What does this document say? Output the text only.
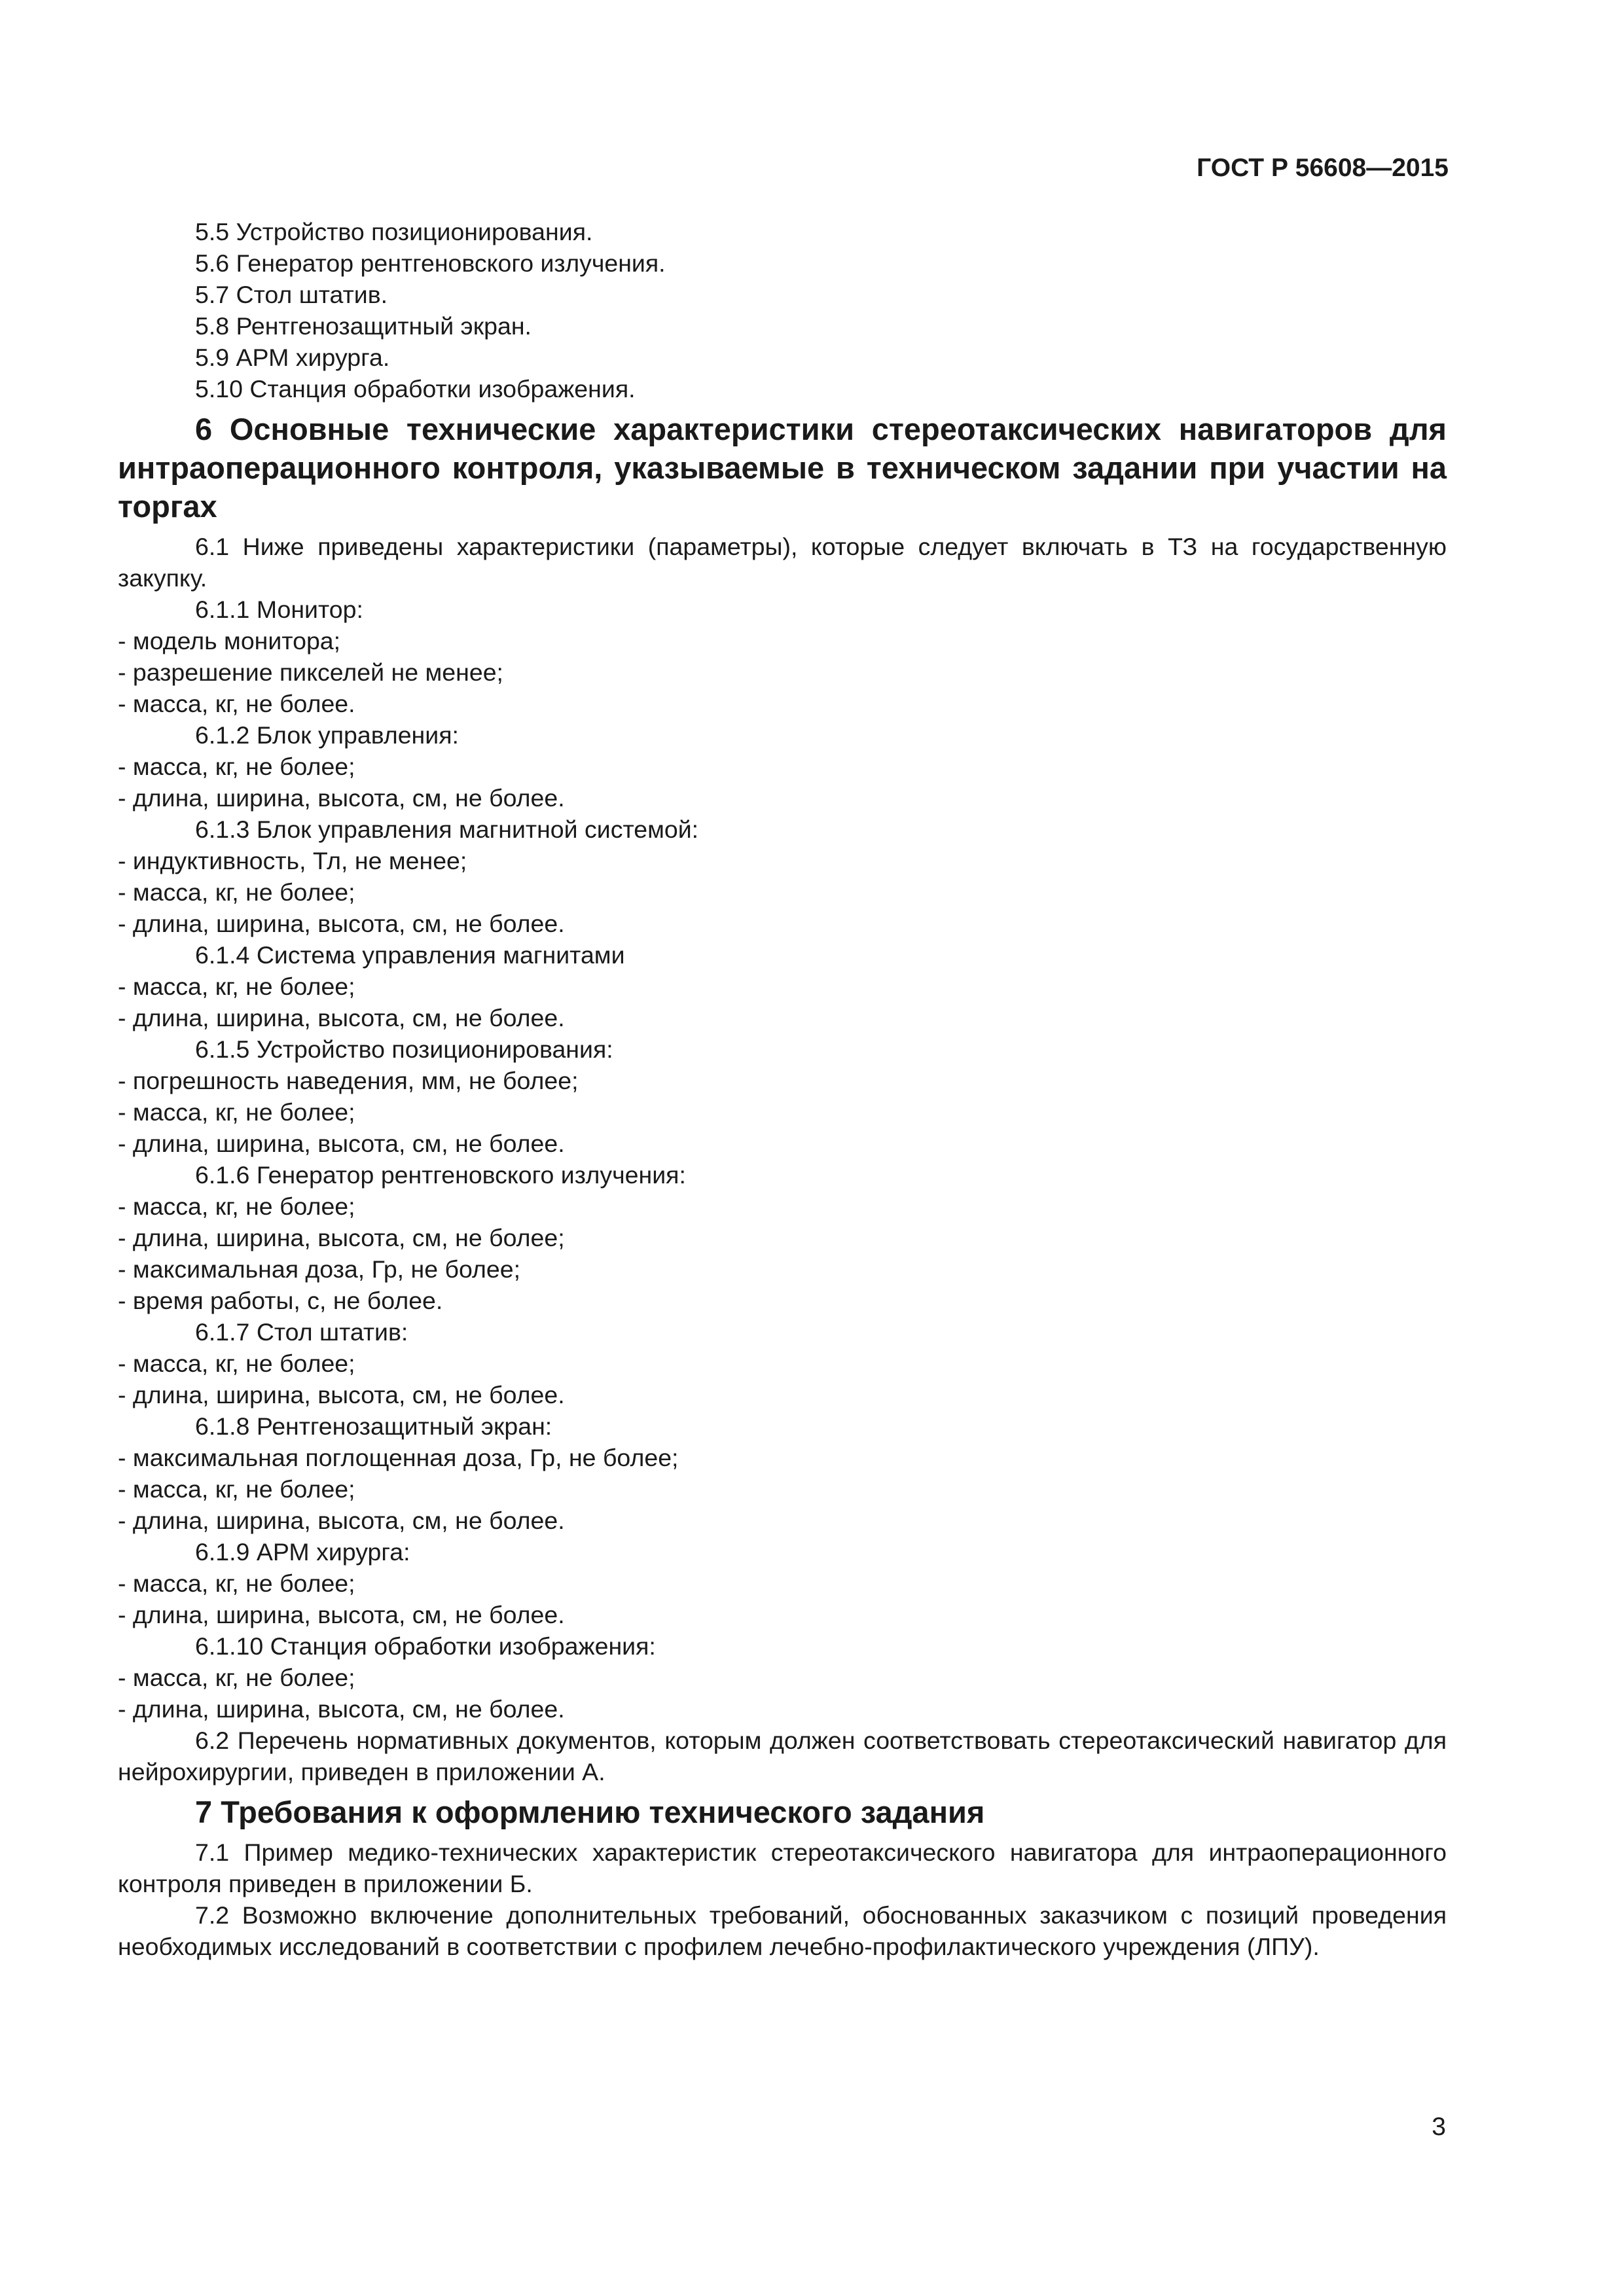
ГОСТ Р 56608—2015
5.5 Устройство позиционирования.
5.6 Генератор рентгеновского излучения.
5.7 Стол штатив.
5.8 Рентгенозащитный экран.
5.9 АРМ хирурга.
5.10 Станция обработки изображения.
6 Основные технические характеристики стереотаксических навигаторов для интраоперационного контроля, указываемые в техническом задании при участии на торгах
6.1 Ниже приведены характеристики (параметры), которые следует включать в ТЗ на государственную закупку.
6.1.1 Монитор:
- модель монитора;
- разрешение пикселей не менее;
- масса, кг, не более.
6.1.2 Блок управления:
- масса, кг, не более;
- длина, ширина, высота, см, не более.
6.1.3 Блок управления магнитной системой:
- индуктивность, Тл, не менее;
- масса, кг, не более;
- длина, ширина, высота, см, не более.
6.1.4 Система управления магнитами
- масса, кг, не более;
- длина, ширина, высота, см, не более.
6.1.5 Устройство позиционирования:
- погрешность наведения, мм, не более;
- масса, кг, не более;
- длина, ширина, высота, см, не более.
6.1.6 Генератор рентгеновского излучения:
- масса, кг, не более;
- длина, ширина, высота, см, не более;
- максимальная доза, Гр, не более;
- время работы, с, не более.
6.1.7 Стол штатив:
- масса, кг, не более;
- длина, ширина, высота, см, не более.
6.1.8 Рентгенозащитный экран:
- максимальная поглощенная доза, Гр, не более;
- масса, кг, не более;
- длина, ширина, высота, см, не более.
6.1.9 АРМ хирурга:
- масса, кг, не более;
- длина, ширина, высота, см, не более.
6.1.10 Станция обработки изображения:
- масса, кг, не более;
- длина, ширина, высота, см, не более.
6.2 Перечень нормативных документов, которым должен соответствовать стереотаксический навигатор для нейрохирургии, приведен в приложении А.
7 Требования к оформлению технического задания
7.1 Пример медико-технических характеристик стереотаксического навигатора для интраоперационного контроля приведен в приложении Б.
7.2 Возможно включение дополнительных требований, обоснованных заказчиком с позиций проведения необходимых исследований в соответствии с профилем лечебно-профилактического учреждения (ЛПУ).
3
